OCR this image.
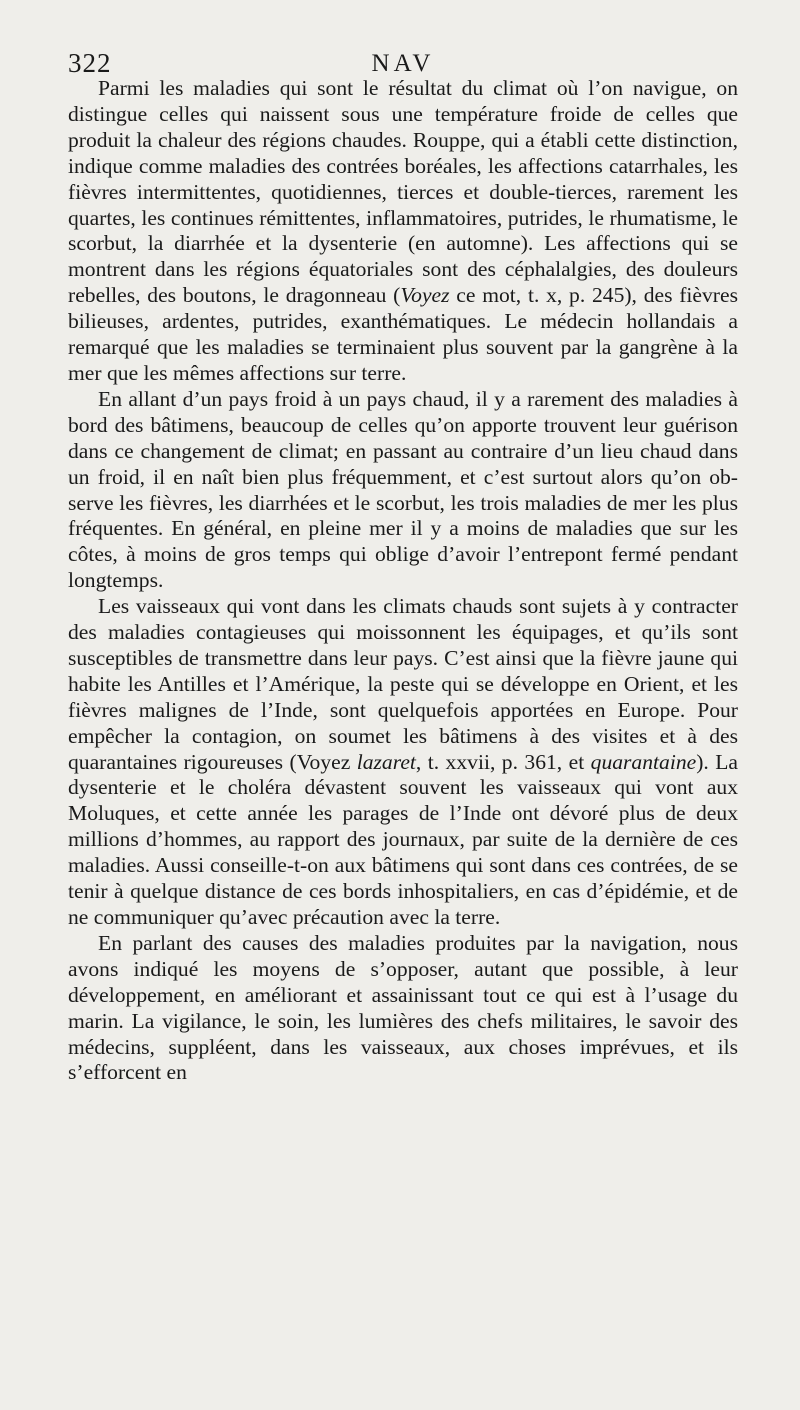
322	NAV

Parmi les maladies qui sont le résultat du climat où l’on navigue, on distingue celles qui naissent sous une température froide de celles que produit la chaleur des régions chaudes. Rouppe, qui a établi cette distinction, indique comme maladies des contrées boréales, les affections catarrhales, les fièvres intermittentes, quotidiennes, tierces et double-tierces, rarement les quartes, les continues rémittentes, inflammatoires, putrides, le rhumatisme, le scorbut, la diarrhée et la dysenterie (en automne). Les affections qui se montrent dans les régions équatoriales sont des céphalalgies, des douleurs rebelles, des boutons, le dragonneau (Voyez ce mot, t. x, p. 245), des fièvres bilieuses, ardentes, putrides, exanthématiques. Le médecin hollandais a remarqué que les maladies se terminaient plus souvent par la gangrène à la mer que les mêmes affections sur terre.

En allant d’un pays froid à un pays chaud, il y a rarement des maladies à bord des bâtimens, beaucoup de celles qu’on apporte trouvent leur guérison dans ce changement de climat; en passant au contraire d’un lieu chaud dans un froid, il en naît bien plus fréquemment, et c’est surtout alors qu’on observe les fièvres, les diarrhées et le scorbut, les trois maladies de mer les plus fréquentes. En général, en pleine mer il y a moins de maladies que sur les côtes, à moins de gros temps qui oblige d’avoir l’entrepont fermé pendant longtemps.

Les vaisseaux qui vont dans les climats chauds sont sujets à y contracter des maladies contagieuses qui moissonnent les équipages, et qu’ils sont susceptibles de transmettre dans leur pays. C’est ainsi que la fièvre jaune qui habite les Antilles et l’Amérique, la peste qui se développe en Orient, et les fièvres malignes de l’Inde, sont quelquefois apportées en Europe. Pour empêcher la contagion, on soumet les bâtimens à des visites et à des quarantaines rigoureuses (Voyez lazaret, t. xxvii, p. 361, et quarantaine). La dysenterie et le choléra dévastent souvent les vaisseaux qui vont aux Moluques, et cette année les parages de l’Inde ont dévoré plus de deux millions d’hommes, au rapport des journaux, par suite de la dernière de ces maladies. Aussi conseille-t-on aux bâtimens qui sont dans ces contrées, de se tenir à quelque distance de ces bords inhospitaliers, en cas d’épidémie, et de ne communiquer qu’avec précaution avec la terre.

En parlant des causes des maladies produites par la navigation, nous avons indiqué les moyens de s’opposer, autant que possible, à leur développement, en améliorant et assainissant tout ce qui est à l’usage du marin. La vigilance, le soin, les lumières des chefs militaires, le savoir des médecins, suppléent, dans les vaisseaux, aux choses imprévues, et ils s’efforcent en
